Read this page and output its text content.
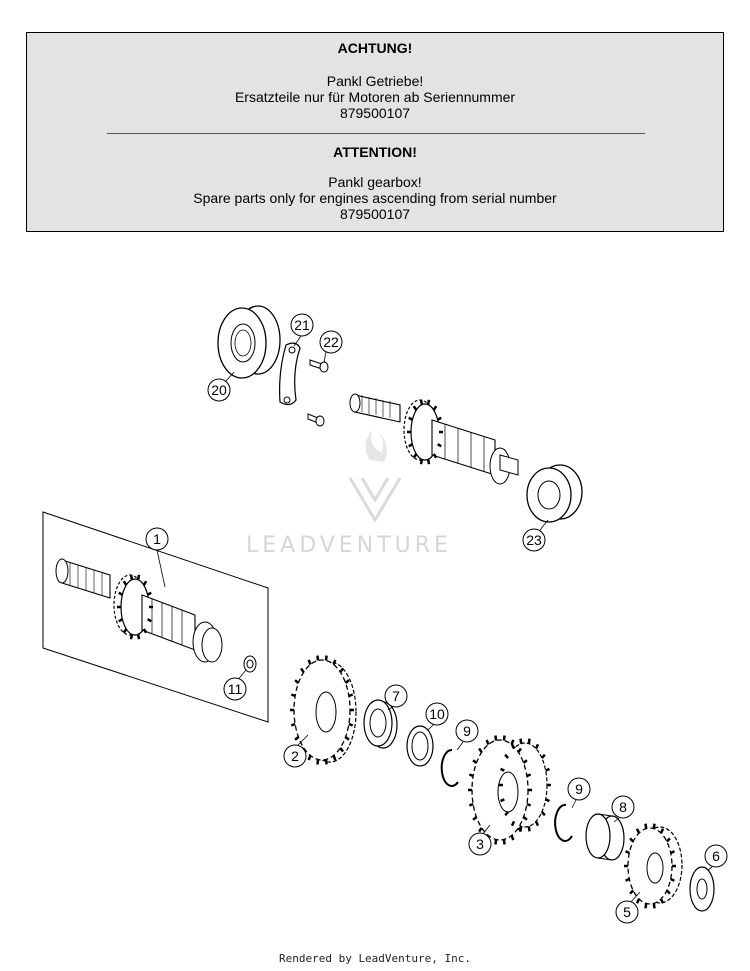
ACHTUNG!
Pankl Getriebe!
Ersatzteile nur für Motoren ab Seriennummer
879500107
ATTENTION!
Pankl gearbox!
Spare parts only for engines ascending from serial number
879500107
LEADVENTURE
1
2
3
5
6
7
8
9
9
10
11
20
21
22
23
Rendered by LeadVenture, Inc.
